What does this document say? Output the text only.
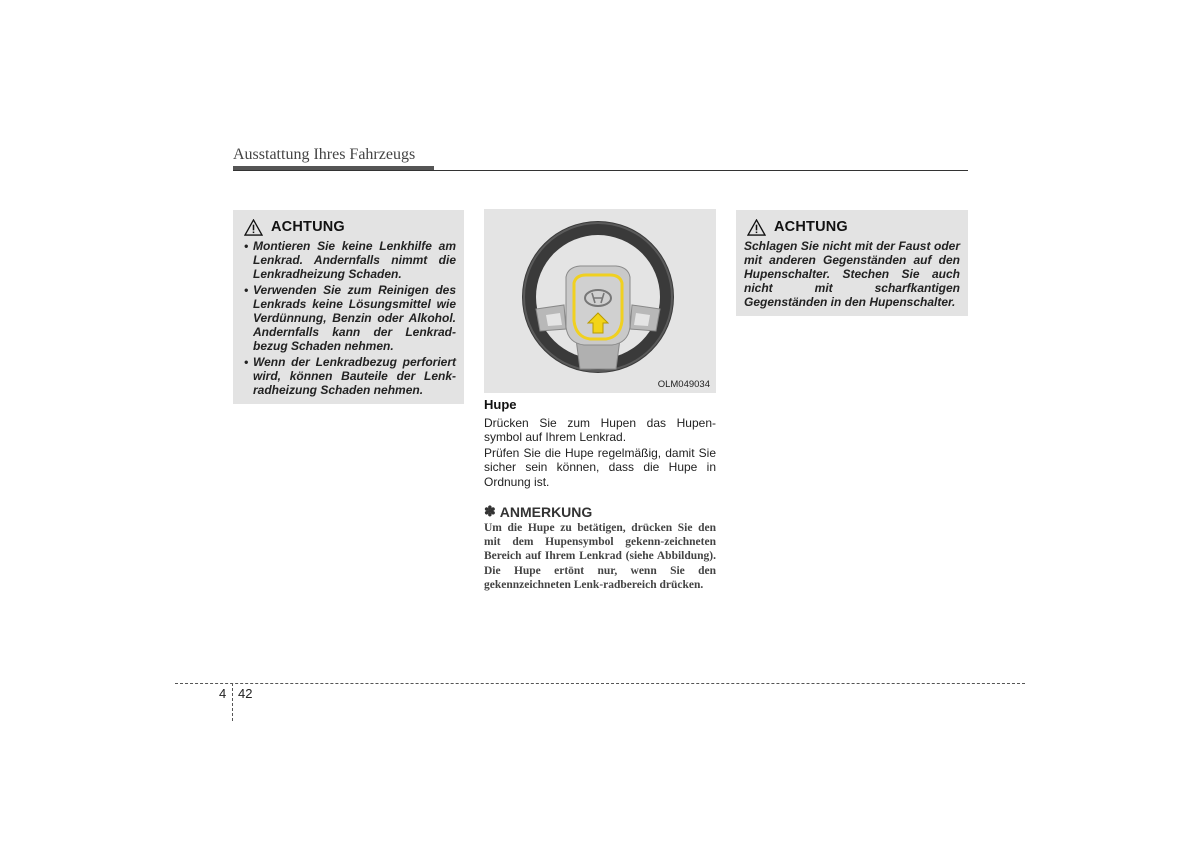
Ausstattung Ihres Fahrzeugs
ACHTUNG
• Montieren Sie keine Lenkhilfe am Lenkrad. Andernfalls nimmt die Lenkradheizung Schaden.
• Verwenden Sie zum Reinigen des Lenkrads keine Lösungsmittel wie Verdünnung, Benzin oder Alkohol. Andernfalls kann der Lenkrad-bezug Schaden nehmen.
• Wenn der Lenkradbezug perforiert wird, können Bauteile der Lenk-radheizung Schaden nehmen.	OLM049034
Hupe

Drücken Sie zum Hupen das Hupen-symbol auf Ihrem Lenkrad.

Prüfen Sie die Hupe regelmäßig, damit Sie sicher sein können, dass die Hupe in Ordnung ist.

✽ ANMERKUNG

Um die Hupe zu betätigen, drücken Sie den mit dem Hupensymbol gekenn-zeichneten Bereich auf Ihrem Lenkrad (siehe Abbildung). Die Hupe ertönt nur, wenn Sie den gekennzeichneten Lenk-radbereich drücken.

ACHTUNG

Schlagen Sie nicht mit der Faust oder mit anderen Gegenständen auf den Hupenschalter. Stechen Sie auch nicht mit scharfkantigen Gegenständen in den Hupenschalter.

4 42
